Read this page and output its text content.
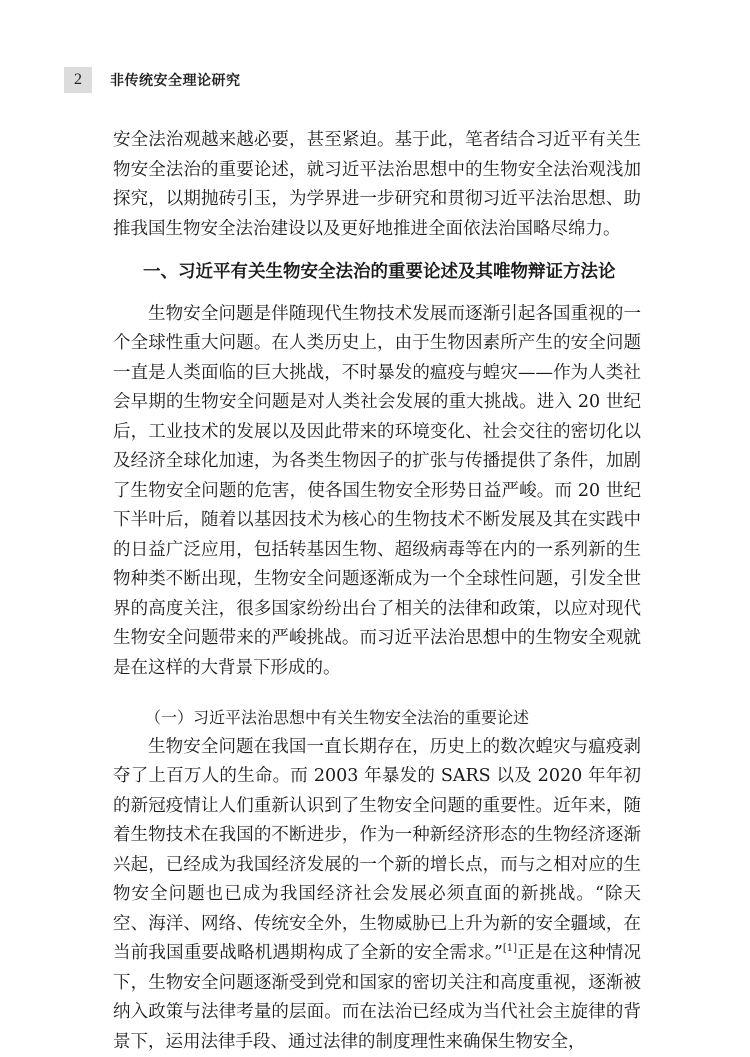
2	非传统安全理论研究

安全法治观越来越必要，甚至紧迫。基于此，笔者结合习近平有关生物安全法治的重要论述，就习近平法治思想中的生物安全法治观浅加探究，以期抛砖引玉，为学界进一步研究和贯彻习近平法治思想、助推我国生物安全法治建设以及更好地推进全面依法治国略尽绵力。

一、习近平有关生物安全法治的重要论述及其唯物辩证方法论

生物安全问题是伴随现代生物技术发展而逐渐引起各国重视的一个全球性重大问题。在人类历史上，由于生物因素所产生的安全问题一直是人类面临的巨大挑战，不时暴发的瘟疫与蝗灾——作为人类社会早期的生物安全问题是对人类社会发展的重大挑战。进入 20 世纪后，工业技术的发展以及因此带来的环境变化、社会交往的密切化以及经济全球化加速，为各类生物因子的扩张与传播提供了条件，加剧了生物安全问题的危害，使各国生物安全形势日益严峻。而 20 世纪下半叶后，随着以基因技术为核心的生物技术不断发展及其在实践中的日益广泛应用，包括转基因生物、超级病毒等在内的一系列新的生物种类不断出现，生物安全问题逐渐成为一个全球性问题，引发全世界的高度关注，很多国家纷纷出台了相关的法律和政策，以应对现代生物安全问题带来的严峻挑战。而习近平法治思想中的生物安全观就是在这样的大背景下形成的。

（一）习近平法治思想中有关生物安全法治的重要论述

生物安全问题在我国一直长期存在，历史上的数次蝗灾与瘟疫剥夺了上百万人的生命。而 2003 年暴发的 SARS 以及 2020 年年初的新冠疫情让人们重新认识到了生物安全问题的重要性。近年来，随着生物技术在我国的不断进步，作为一种新经济形态的生物经济逐渐兴起，已经成为我国经济发展的一个新的增长点，而与之相对应的生物安全问题也已成为我国经济社会发展必须直面的新挑战。“除天空、海洋、网络、传统安全外，生物威胁已上升为新的安全疆域，在当前我国重要战略机遇期构成了全新的安全需求。”[1]正是在这种情况下，生物安全问题逐渐受到党和国家的密切关注和高度重视，逐渐被纳入政策与法律考量的层面。而在法治已经成为当代社会主旋律的背景下，运用法律手段、通过法律的制度理性来确保生物安全，
